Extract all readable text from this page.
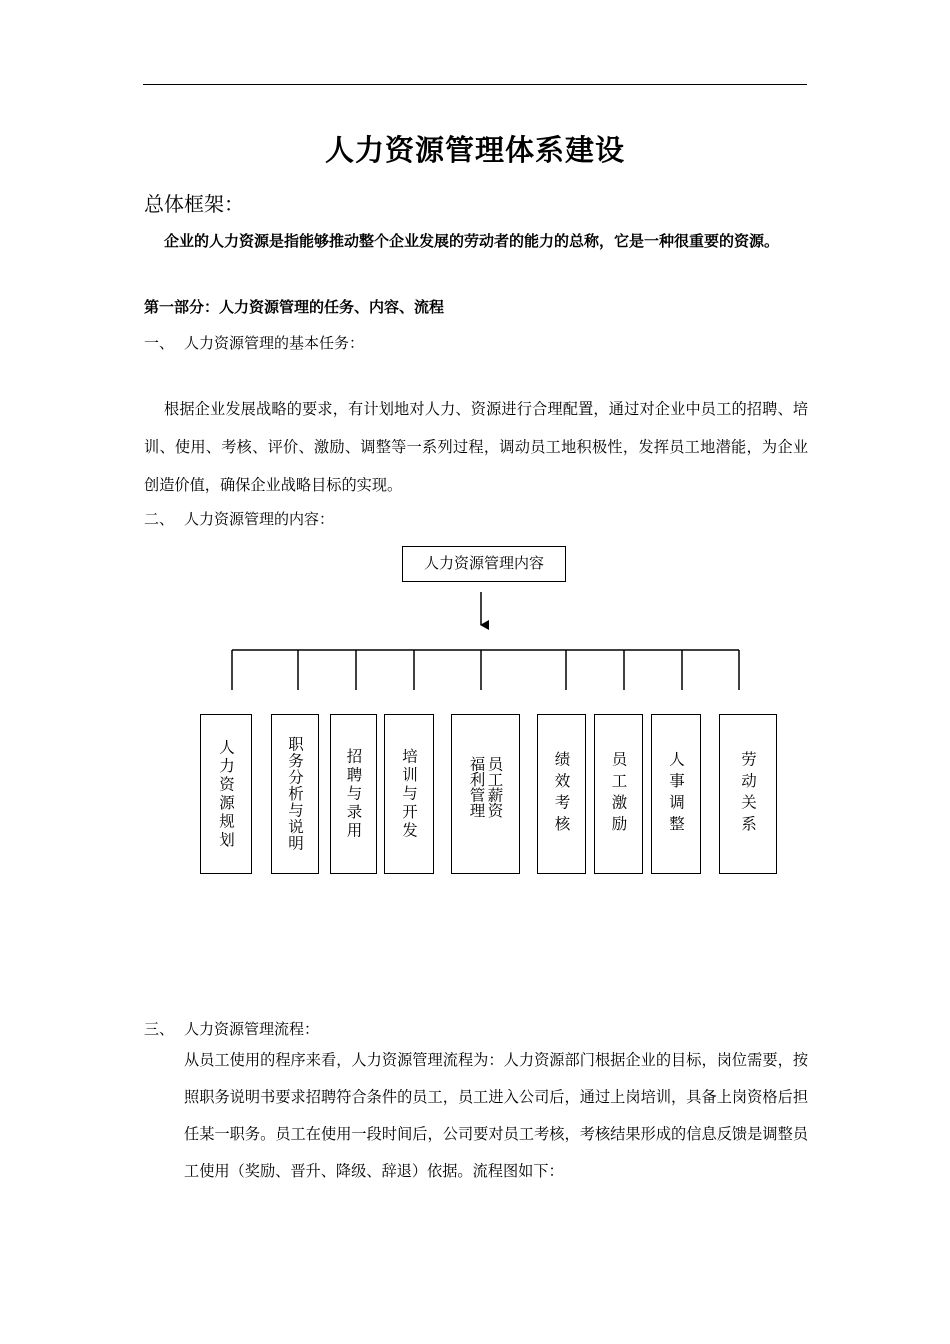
人力资源管理体系建设
总体框架：

企业的人力资源是指能够推动整个企业发展的劳动者的能力的总称，它是一种很重要的资源。

第一部分：人力资源管理的任务、内容、流程
一、 人力资源管理的基本任务：

根据企业发展战略的要求，有计划地对人力、资源进行合理配置，通过对企业中员工的招聘、培训、使用、考核、评价、激励、调整等一系列过程，调动员工地积极性，发挥员工地潜能，为企业创造价值，确保企业战略目标的实现。

二、 人力资源管理的内容：
人力资源管理内容
人力资源规划	职务分析与说明	招聘与录用 培训与开发	员工薪资福利管理	绩效考核	员工激励	人事调整	劳动关系
三、 人力资源管理流程：

从员工使用的程序来看，人力资源管理流程为：人力资源部门根据企业的目标，岗位需要，按照职务说明书要求招聘符合条件的员工，员工进入公司后，通过上岗培训，具备上岗资格后担任某一职务。员工在使用一段时间后，公司要对员工考核，考核结果形成的信息反馈是调整员工使用（奖励、晋升、降级、辞退）依据。流程图如下：
